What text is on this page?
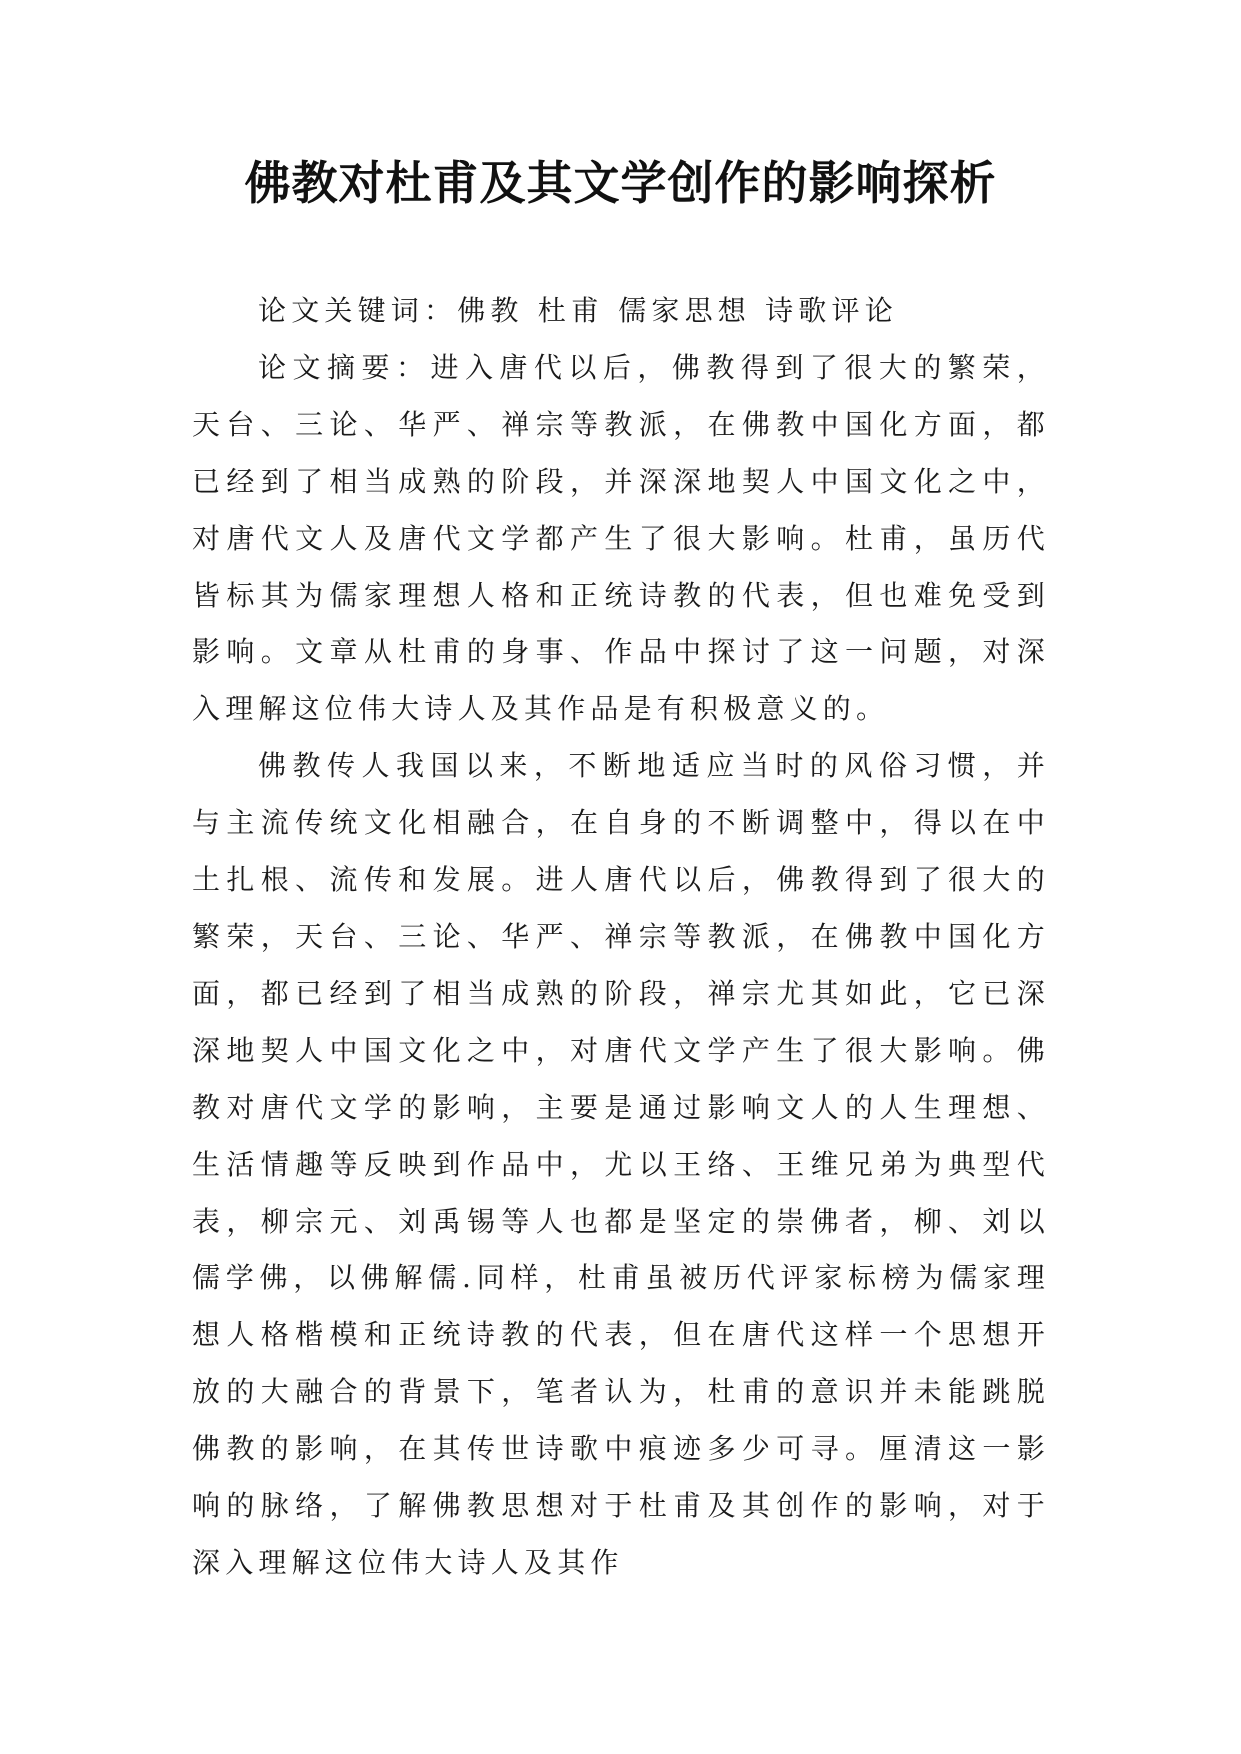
佛教对杜甫及其文学创作的影响探析

论文关键词：佛教 杜甫 儒家思想 诗歌评论

论文摘要：进入唐代以后，佛教得到了很大的繁荣，天台、三论、华严、禅宗等教派，在佛教中国化方面，都已经到了相当成熟的阶段，并深深地契人中国文化之中，对唐代文人及唐代文学都产生了很大影响。杜甫，虽历代皆标其为儒家理想人格和正统诗教的代表，但也难免受到影响。文章从杜甫的身事、作品中探讨了这一问题，对深入理解这位伟大诗人及其作品是有积极意义的。

佛教传人我国以来，不断地适应当时的风俗习惯，并与主流传统文化相融合，在自身的不断调整中，得以在中土扎根、流传和发展。进人唐代以后，佛教得到了很大的繁荣，天台、三论、华严、禅宗等教派，在佛教中国化方面，都已经到了相当成熟的阶段，禅宗尤其如此，它已深深地契人中国文化之中，对唐代文学产生了很大影响。佛教对唐代文学的影响，主要是通过影响文人的人生理想、生活情趣等反映到作品中，尤以王络、王维兄弟为典型代表，柳宗元、刘禹锡等人也都是坚定的崇佛者，柳、刘以儒学佛，以佛解儒.同样，杜甫虽被历代评家标榜为儒家理想人格楷模和正统诗教的代表，但在唐代这样一个思想开放的大融合的背景下，笔者认为，杜甫的意识并未能跳脱佛教的影响，在其传世诗歌中痕迹多少可寻。厘清这一影响的脉络，了解佛教思想对于杜甫及其创作的影响，对于深入理解这位伟大诗人及其作
